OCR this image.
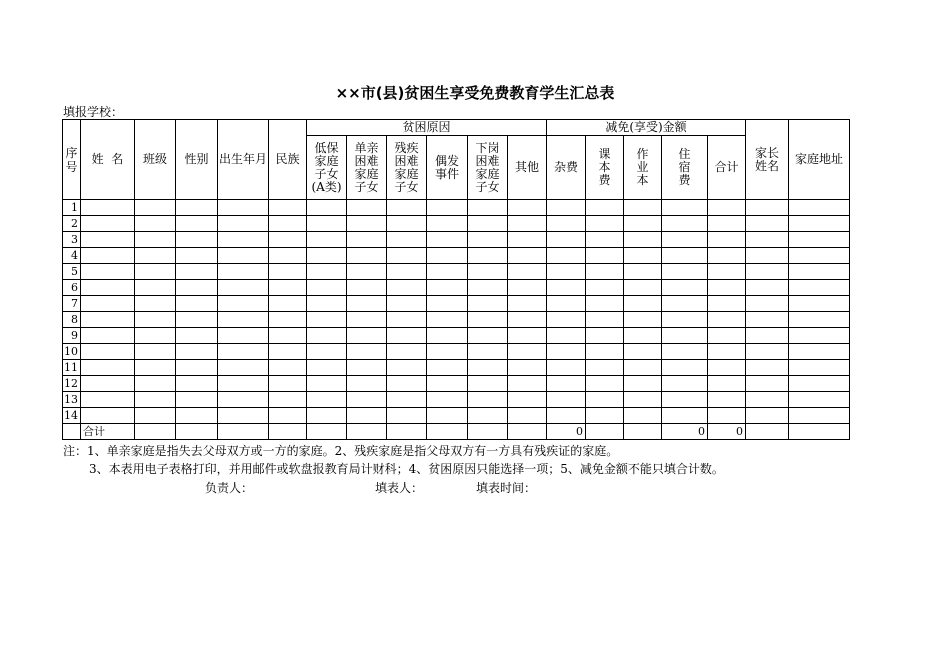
××市(县)贫困生享受免费教育学生汇总表
填报学校：
序号	姓  名	班级	性别	出生年月	民族	贫困原因						减免(享受)金额					家长姓名	家庭地址
						低保家庭子女(A类)	单亲困难家庭子女	残疾困难家庭子女	偶发事件	下岗困难家庭子女	其他	杂费	课本费	作业本	住宿费	合计		
1																		
2																		
3																		
4																		
5																		
6																		
7																		
8																		
9																		
10																		
11																		
12																		
13																		
14																		
	合计											0			0	0		
注：1、单亲家庭是指失去父母双方或一方的家庭。2、残疾家庭是指父母双方有一方具有残疾证的家庭。
3、本表用电子表格打印，并用邮件或软盘报教育局计财科；4、贫困原因只能选择一项；5、减免金额不能只填合计数。
负责人：	填表人：	填表时间：
